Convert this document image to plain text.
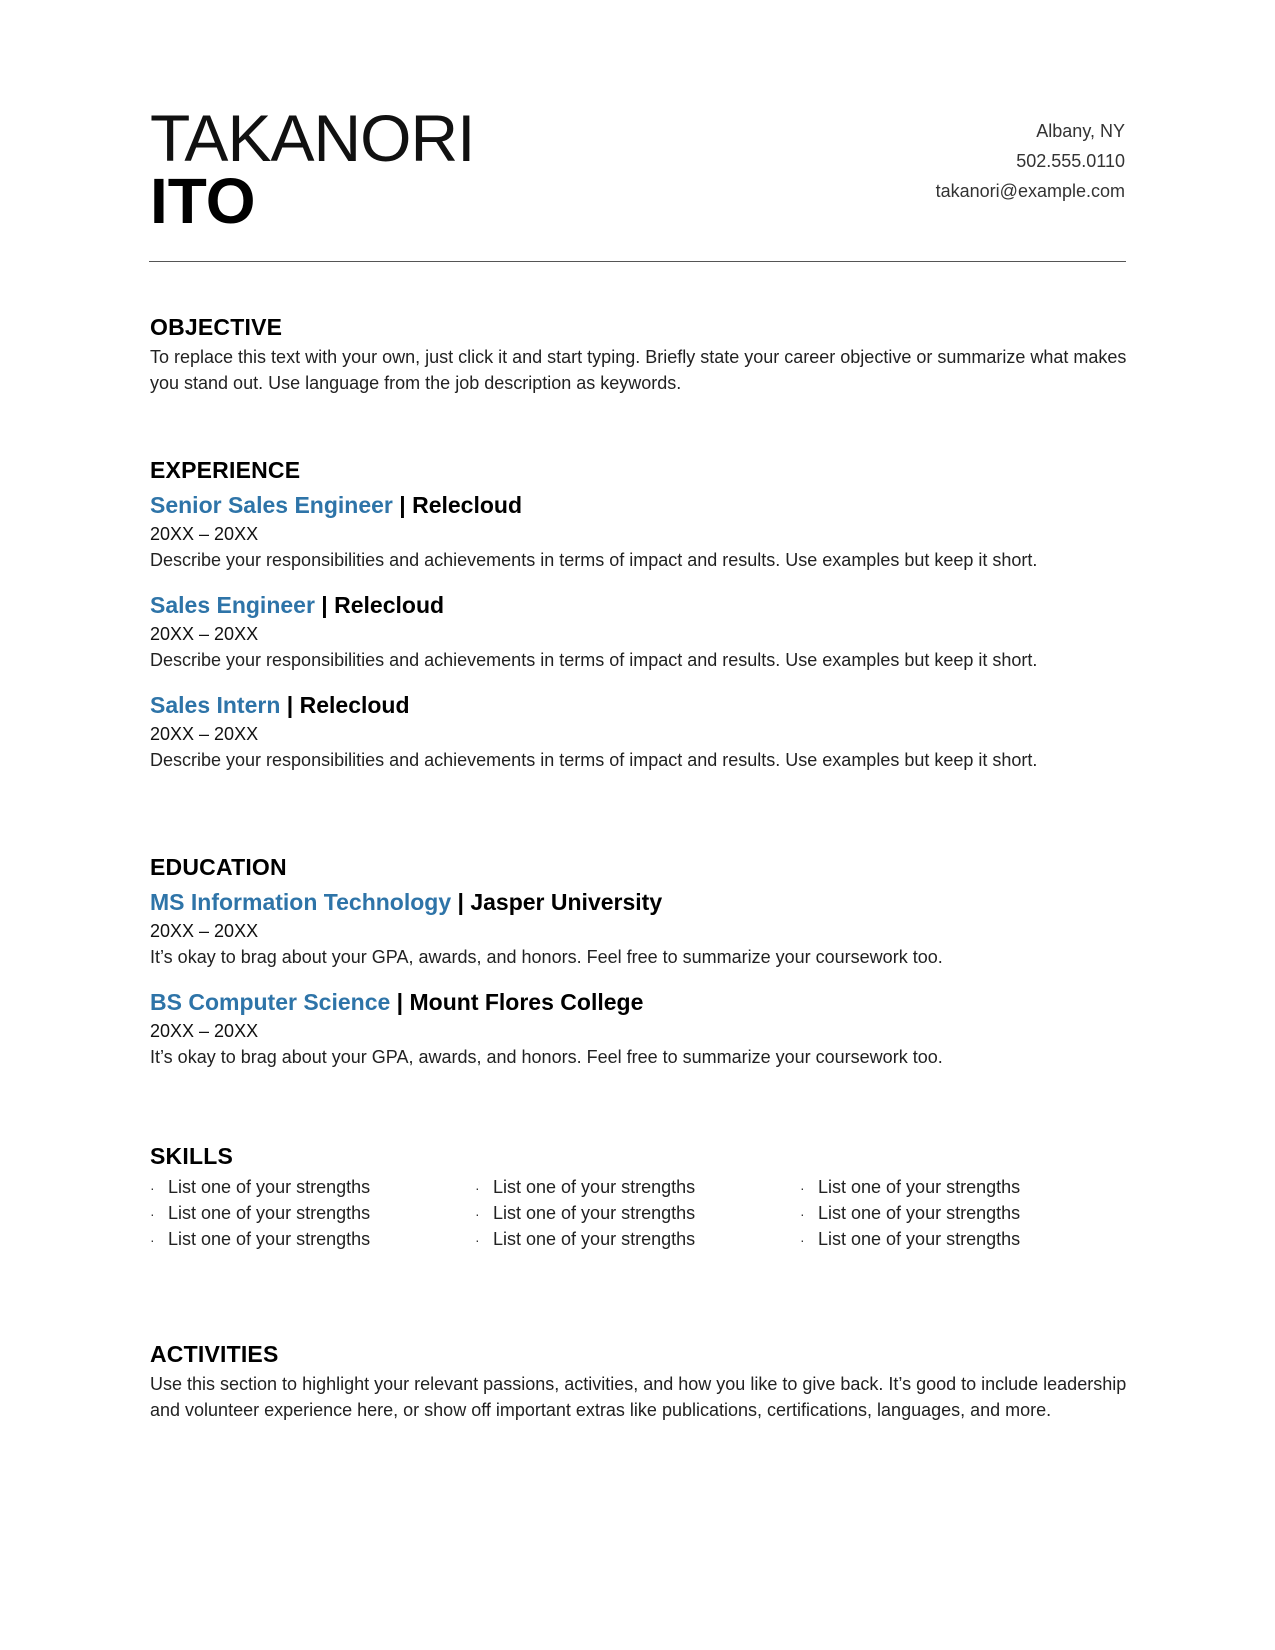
TAKANORI
ITO
Albany, NY
502.555.0110
takanori@example.com
OBJECTIVE

To replace this text with your own, just click it and start typing. Briefly state your career objective or summarize what makes you stand out. Use language from the job description as keywords.

EXPERIENCE

Senior Sales Engineer | Relecloud

20XX – 20XX

Describe your responsibilities and achievements in terms of impact and results. Use examples but keep it short.

Sales Engineer | Relecloud

20XX – 20XX

Describe your responsibilities and achievements in terms of impact and results. Use examples but keep it short.

Sales Intern | Relecloud

20XX – 20XX

Describe your responsibilities and achievements in terms of impact and results. Use examples but keep it short.

EDUCATION

MS Information Technology | Jasper University

20XX – 20XX

It’s okay to brag about your GPA, awards, and honors. Feel free to summarize your coursework too.

BS Computer Science | Mount Flores College

20XX – 20XX

It’s okay to brag about your GPA, awards, and honors. Feel free to summarize your coursework too.

SKILLS
· List one of your strengths	· List one of your strengths	· List one of your strengths
· List one of your strengths	· List one of your strengths	· List one of your strengths
· List one of your strengths	· List one of your strengths	· List one of your strengths
ACTIVITIES

Use this section to highlight your relevant passions, activities, and how you like to give back. It’s good to include leadership and volunteer experience here, or show off important extras like publications, certifications, languages, and more.
